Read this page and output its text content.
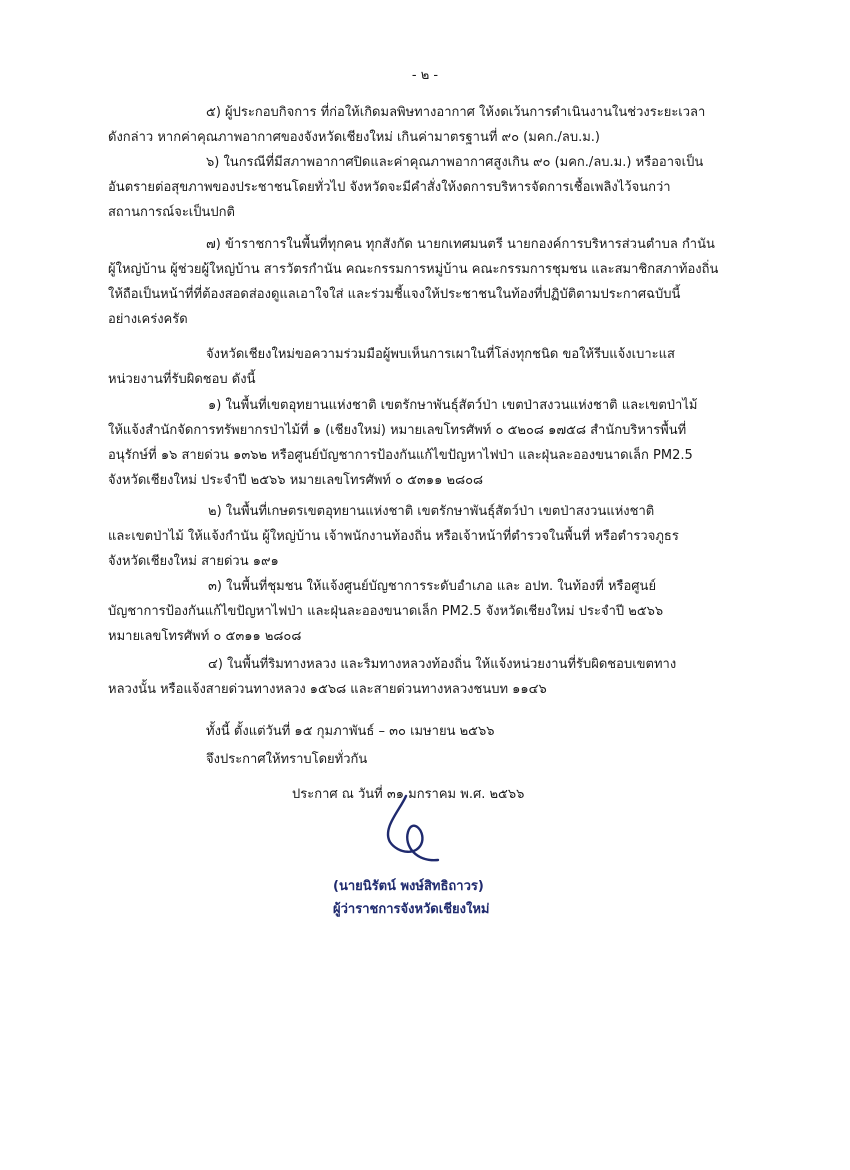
- ๒ -

๕) ผู้ประกอบกิจการ ที่ก่อให้เกิดมลพิษทางอากาศ ให้งดเว้นการดำเนินงานในช่วงระยะเวลา
ดังกล่าว หากค่าคุณภาพอากาศของจังหวัดเชียงใหม่ เกินค่ามาตรฐานที่ ๙๐ (มคก./ลบ.ม.)

๖) ในกรณีที่มีสภาพอากาศปิดและค่าคุณภาพอากาศสูงเกิน ๙๐ (มคก./ลบ.ม.) หรืออาจเป็น
อันตรายต่อสุขภาพของประชาชนโดยทั่วไป จังหวัดจะมีคำสั่งให้งดการบริหารจัดการเชื้อเพลิงไว้จนกว่า
สถานการณ์จะเป็นปกติ

๗) ข้าราชการในพื้นที่ทุกคน ทุกสังกัด นายกเทศมนตรี นายกองค์การบริหารส่วนตำบล กำนัน
ผู้ใหญ่บ้าน ผู้ช่วยผู้ใหญ่บ้าน สารวัตรกำนัน คณะกรรมการหมู่บ้าน คณะกรรมการชุมชน และสมาชิกสภาท้องถิ่น
ให้ถือเป็นหน้าที่ที่ต้องสอดส่องดูแลเอาใจใส่ และร่วมชี้แจงให้ประชาชนในท้องที่ปฏิบัติตามประกาศฉบับนี้
อย่างเคร่งครัด

จังหวัดเชียงใหม่ขอความร่วมมือผู้พบเห็นการเผาในที่โล่งทุกชนิด ขอให้รีบแจ้งเบาะแส
หน่วยงานที่รับผิดชอบ ดังนี้

๑) ในพื้นที่เขตอุทยานแห่งชาติ เขตรักษาพันธุ์สัตว์ป่า เขตป่าสงวนแห่งชาติ และเขตป่าไม้
ให้แจ้งสำนักจัดการทรัพยากรป่าไม้ที่ ๑ (เชียงใหม่) หมายเลขโทรศัพท์ ๐ ๕๒๐๘ ๑๗๕๘ สำนักบริหารพื้นที่
อนุรักษ์ที่ ๑๖ สายด่วน ๑๓๖๒ หรือศูนย์บัญชาการป้องกันแก้ไขปัญหาไฟป่า และฝุ่นละอองขนาดเล็ก PM2.5
จังหวัดเชียงใหม่ ประจำปี ๒๕๖๖ หมายเลขโทรศัพท์ ๐ ๕๓๑๑ ๒๘๐๘

๒) ในพื้นที่เกษตรเขตอุทยานแห่งชาติ เขตรักษาพันธุ์สัตว์ป่า เขตป่าสงวนแห่งชาติ
และเขตป่าไม้ ให้แจ้งกำนัน ผู้ใหญ่บ้าน เจ้าพนักงานท้องถิ่น หรือเจ้าหน้าที่ตำรวจในพื้นที่ หรือตำรวจภูธร
จังหวัดเชียงใหม่ สายด่วน ๑๙๑

๓) ในพื้นที่ชุมชน ให้แจ้งศูนย์บัญชาการระดับอำเภอ และ อปท. ในท้องที่ หรือศูนย์
บัญชาการป้องกันแก้ไขปัญหาไฟป่า และฝุ่นละอองขนาดเล็ก PM2.5 จังหวัดเชียงใหม่ ประจำปี ๒๕๖๖
หมายเลขโทรศัพท์ ๐ ๕๓๑๑ ๒๘๐๘

๔) ในพื้นที่ริมทางหลวง และริมทางหลวงท้องถิ่น ให้แจ้งหน่วยงานที่รับผิดชอบเขตทาง
หลวงนั้น หรือแจ้งสายด่วนทางหลวง ๑๕๖๘ และสายด่วนทางหลวงชนบท ๑๑๔๖

ทั้งนี้ ตั้งแต่วันที่ ๑๕ กุมภาพันธ์ – ๓๐ เมษายน ๒๕๖๖
จึงประกาศให้ทราบโดยทั่วกัน
ประกาศ ณ วันที่ ๓๑ มกราคม พ.ศ. ๒๕๖๖
(นายนิรัตน์ พงษ์สิทธิถาวร)
ผู้ว่าราชการจังหวัดเชียงใหม่
